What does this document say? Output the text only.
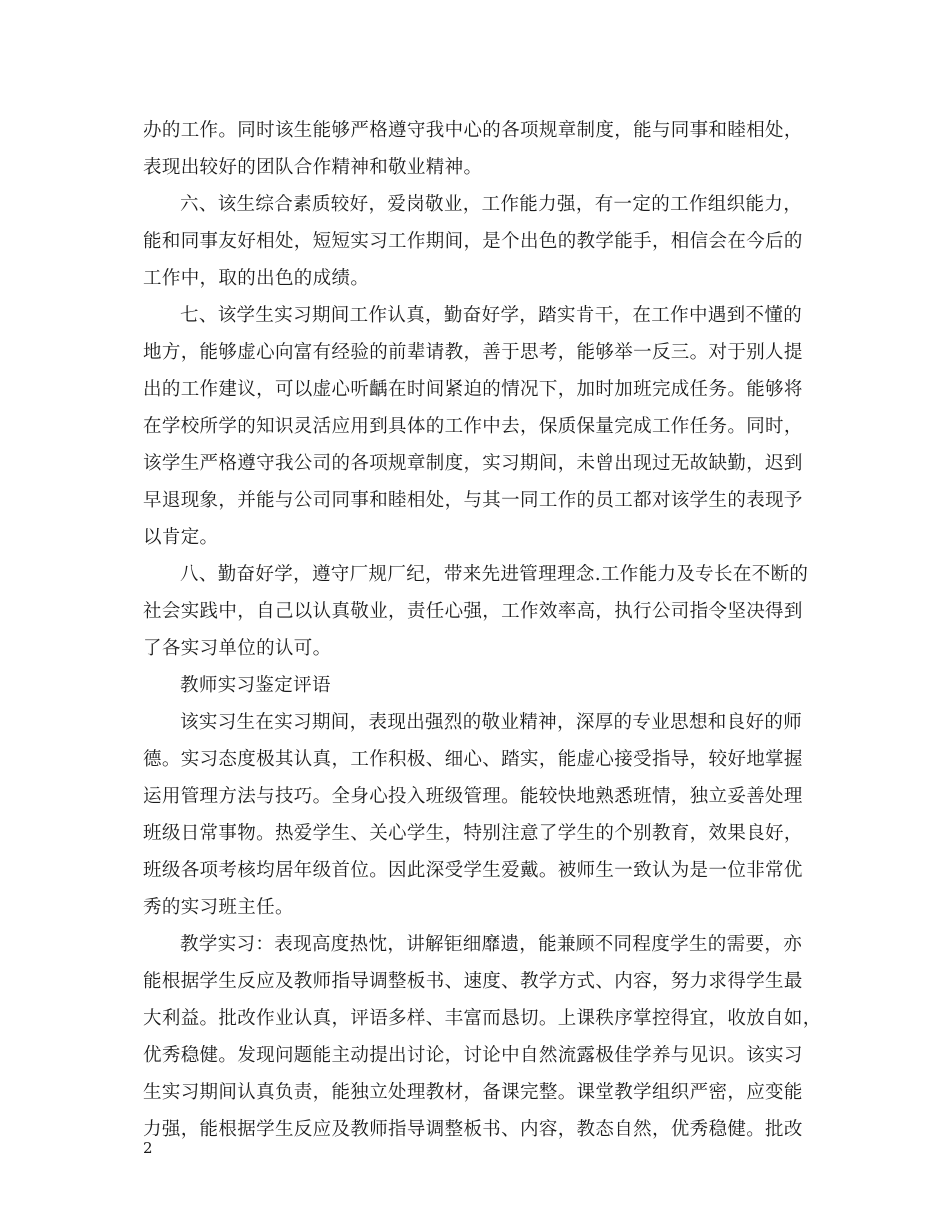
办的工作。同时该生能够严格遵守我中心的各项规章制度，能与同事和睦相处，
表现出较好的团队合作精神和敬业精神。
六、该生综合素质较好，爱岗敬业，工作能力强，有一定的工作组织能力，
能和同事友好相处，短短实习工作期间，是个出色的教学能手，相信会在今后的
工作中，取的出色的成绩。
七、该学生实习期间工作认真，勤奋好学，踏实肯干，在工作中遇到不懂的
地方，能够虚心向富有经验的前辈请教，善于思考，能够举一反三。对于别人提
出的工作建议，可以虚心听齲在时间紧迫的情况下，加时加班完成任务。能够将
在学校所学的知识灵活应用到具体的工作中去，保质保量完成工作任务。同时，
该学生严格遵守我公司的各项规章制度，实习期间，未曾出现过无故缺勤，迟到
早退现象，并能与公司同事和睦相处，与其一同工作的员工都对该学生的表现予
以肯定。
八、勤奋好学，遵守厂规厂纪，带来先进管理理念.工作能力及专长在不断的
社会实践中，自己以认真敬业，责任心强，工作效率高，执行公司指令坚决得到
了各实习单位的认可。
教师实习鉴定评语
该实习生在实习期间，表现出强烈的敬业精神，深厚的专业思想和良好的师
德。实习态度极其认真，工作积极、细心、踏实，能虚心接受指导，较好地掌握
运用管理方法与技巧。全身心投入班级管理。能较快地熟悉班情，独立妥善处理
班级日常事物。热爱学生、关心学生，特别注意了学生的个别教育，效果良好，
班级各项考核均居年级首位。因此深受学生爱戴。被师生一致认为是一位非常优
秀的实习班主任。
教学实习：表现高度热忱，讲解钜细靡遗，能兼顾不同程度学生的需要，亦
能根据学生反应及教师指导调整板书、速度、教学方式、内容，努力求得学生最
大利益。批改作业认真，评语多样、丰富而恳切。上课秩序掌控得宜，收放自如，
优秀稳健。发现问题能主动提出讨论，讨论中自然流露极佳学养与见识。该实习
生实习期间认真负责，能独立处理教材，备课完整。课堂教学组织严密，应变能
力强，能根据学生反应及教师指导调整板书、内容，教态自然，优秀稳健。批改
2
